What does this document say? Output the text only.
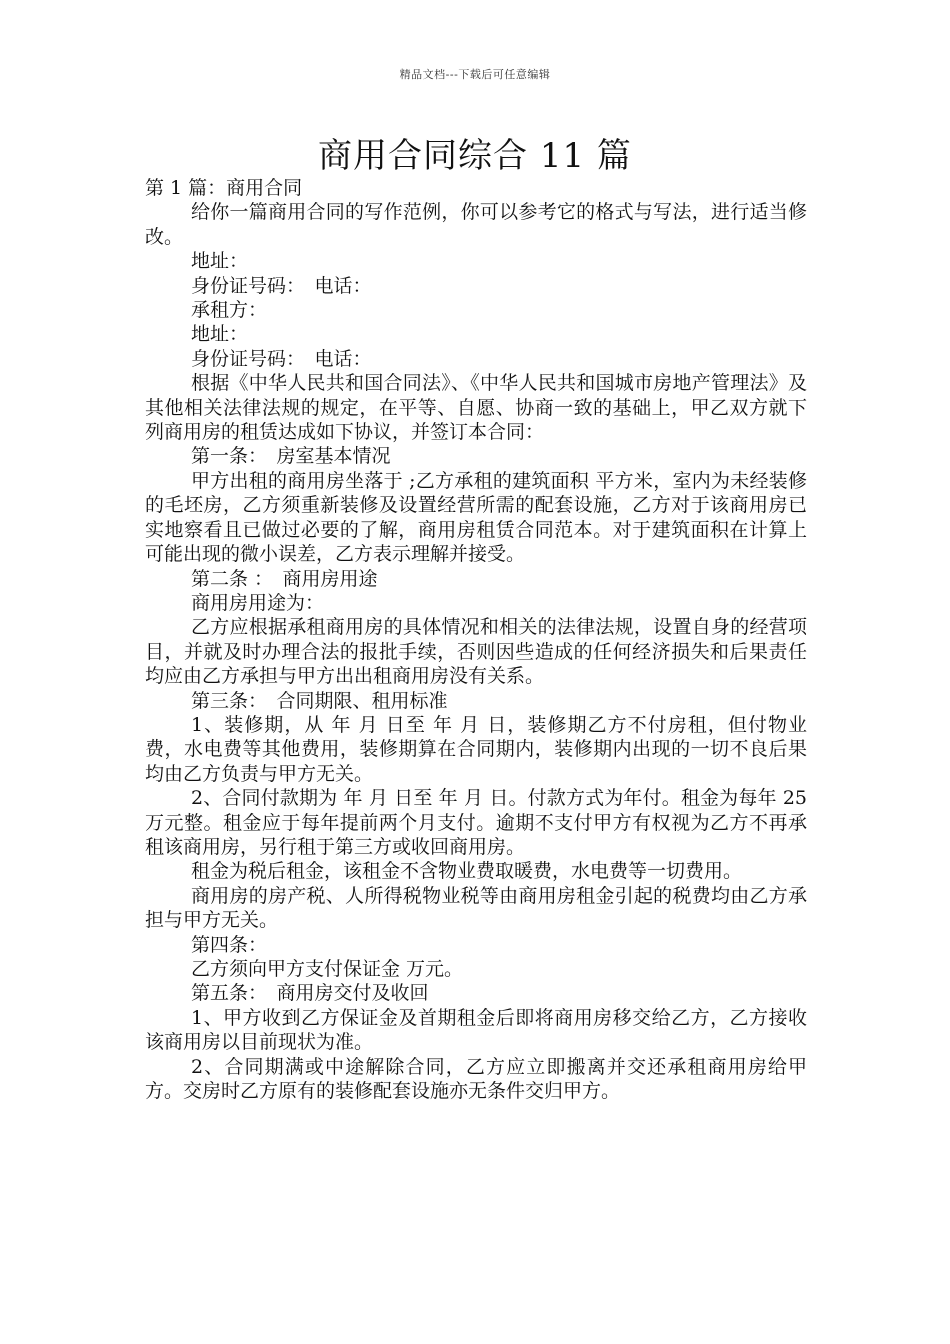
精品文档---下载后可任意编辑
商用合同综合 11 篇

第 1 篇：商用合同

给你一篇商用合同的写作范例，你可以参考它的格式与写法，进行适当修改。

地址：

身份证号码：　电话：

承租方：

地址：

身份证号码：　电话：

根据《中华人民共和国合同法》、《中华人民共和国城市房地产管理法》及其他相关法律法规的规定，在平等、自愿、协商一致的基础上，甲乙双方就下列商用房的租赁达成如下协议，并签订本合同：

第一条：　房室基本情况

甲方出租的商用房坐落于 ;乙方承租的建筑面积 平方米，室内为未经装修的毛坯房，乙方须重新装修及设置经营所需的配套设施，乙方对于该商用房已实地察看且已做过必要的了解，商用房租赁合同范本。对于建筑面积在计算上可能出现的微小误差，乙方表示理解并接受。

第二条 ：　商用房用途

商用房用途为：

乙方应根据承租商用房的具体情况和相关的法律法规，设置自身的经营项目，并就及时办理合法的报批手续，否则因些造成的任何经济损失和后果责任均应由乙方承担与甲方出出租商用房没有关系。

第三条：　合同期限、租用标准

1、装修期，从 年 月 日至 年 月 日，装修期乙方不付房租，但付物业费，水电费等其他费用，装修期算在合同期内，装修期内出现的一切不良后果均由乙方负责与甲方无关。

2、合同付款期为 年 月 日至 年 月 日。付款方式为年付。租金为每年 25 万元整。租金应于每年提前两个月支付。逾期不支付甲方有权视为乙方不再承租该商用房，另行租于第三方或收回商用房。

租金为税后租金，该租金不含物业费取暖费，水电费等一切费用。

商用房的房产税、人所得税物业税等由商用房租金引起的税费均由乙方承担与甲方无关。

第四条：

乙方须向甲方支付保证金 万元。

第五条：　商用房交付及收回

1、甲方收到乙方保证金及首期租金后即将商用房移交给乙方，乙方接收该商用房以目前现状为准。

2、合同期满或中途解除合同，乙方应立即搬离并交还承租商用房给甲方。交房时乙方原有的装修配套设施亦无条件交归甲方。
